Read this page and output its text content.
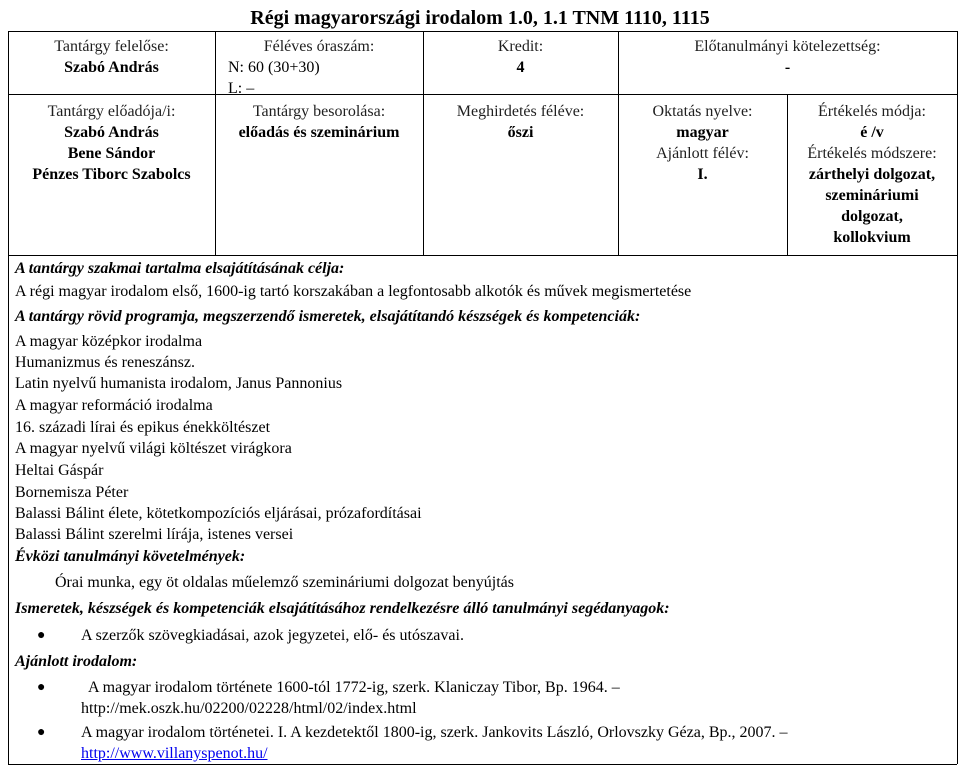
Régi magyarországi irodalom 1.0, 1.1 TNM 1110, 1115
Tantárgy felelőse:
Szabó András
Féléves óraszám:
N: 60 (30+30)
L: –
Kredit:
4
Előtanulmányi kötelezettség:
-
Tantárgy előadója/i:
Szabó András
Bene Sándor
Pénzes Tiborc Szabolcs
Tantárgy besorolása:
előadás és szeminárium
Meghirdetés féléve:
őszi
Oktatás nyelve:
magyar
Ajánlott félév:
I.
Értékelés módja:
é /v
Értékelés módszere:
zárthelyi dolgozat,
szemináriumi
dolgozat,
kollokvium
A tantárgy szakmai tartalma elsajátításának célja:
A régi magyar irodalom első, 1600-ig tartó korszakában a legfontosabb alkotók és művek megismertetése
A tantárgy rövid programja, megszerzendő ismeretek, elsajátítandó készségek és kompetenciák:
A magyar középkor irodalma
Humanizmus és reneszánsz.
Latin nyelvű humanista irodalom, Janus Pannonius
A magyar reformáció irodalma
16. századi lírai és epikus énekköltészet
A magyar nyelvű világi költészet virágkora
Heltai Gáspár
Bornemisza Péter
Balassi Bálint élete, kötetkompozíciós eljárásai, prózafordításai
Balassi Bálint szerelmi lírája, istenes versei
Évközi tanulmányi követelmények:
Órai munka, egy öt oldalas műelemző szemináriumi dolgozat benyújtás
Ismeretek, készségek és kompetenciák elsajátításához rendelkezésre álló tanulmányi segédanyagok:
● A szerzők szövegkiadásai, azok jegyzetei, elő- és utószavai.
Ajánlott irodalom:
●	A magyar irodalom története 1600-tól 1772-ig, szerk. Klaniczay Tibor, Bp. 1964. –
http://mek.oszk.hu/02200/02228/html/02/index.html
● A magyar irodalom történetei. I. A kezdetektől 1800-ig, szerk. Jankovits László, Orlovszky Géza, Bp., 2007. –
http://www.villanyspenot.hu/
